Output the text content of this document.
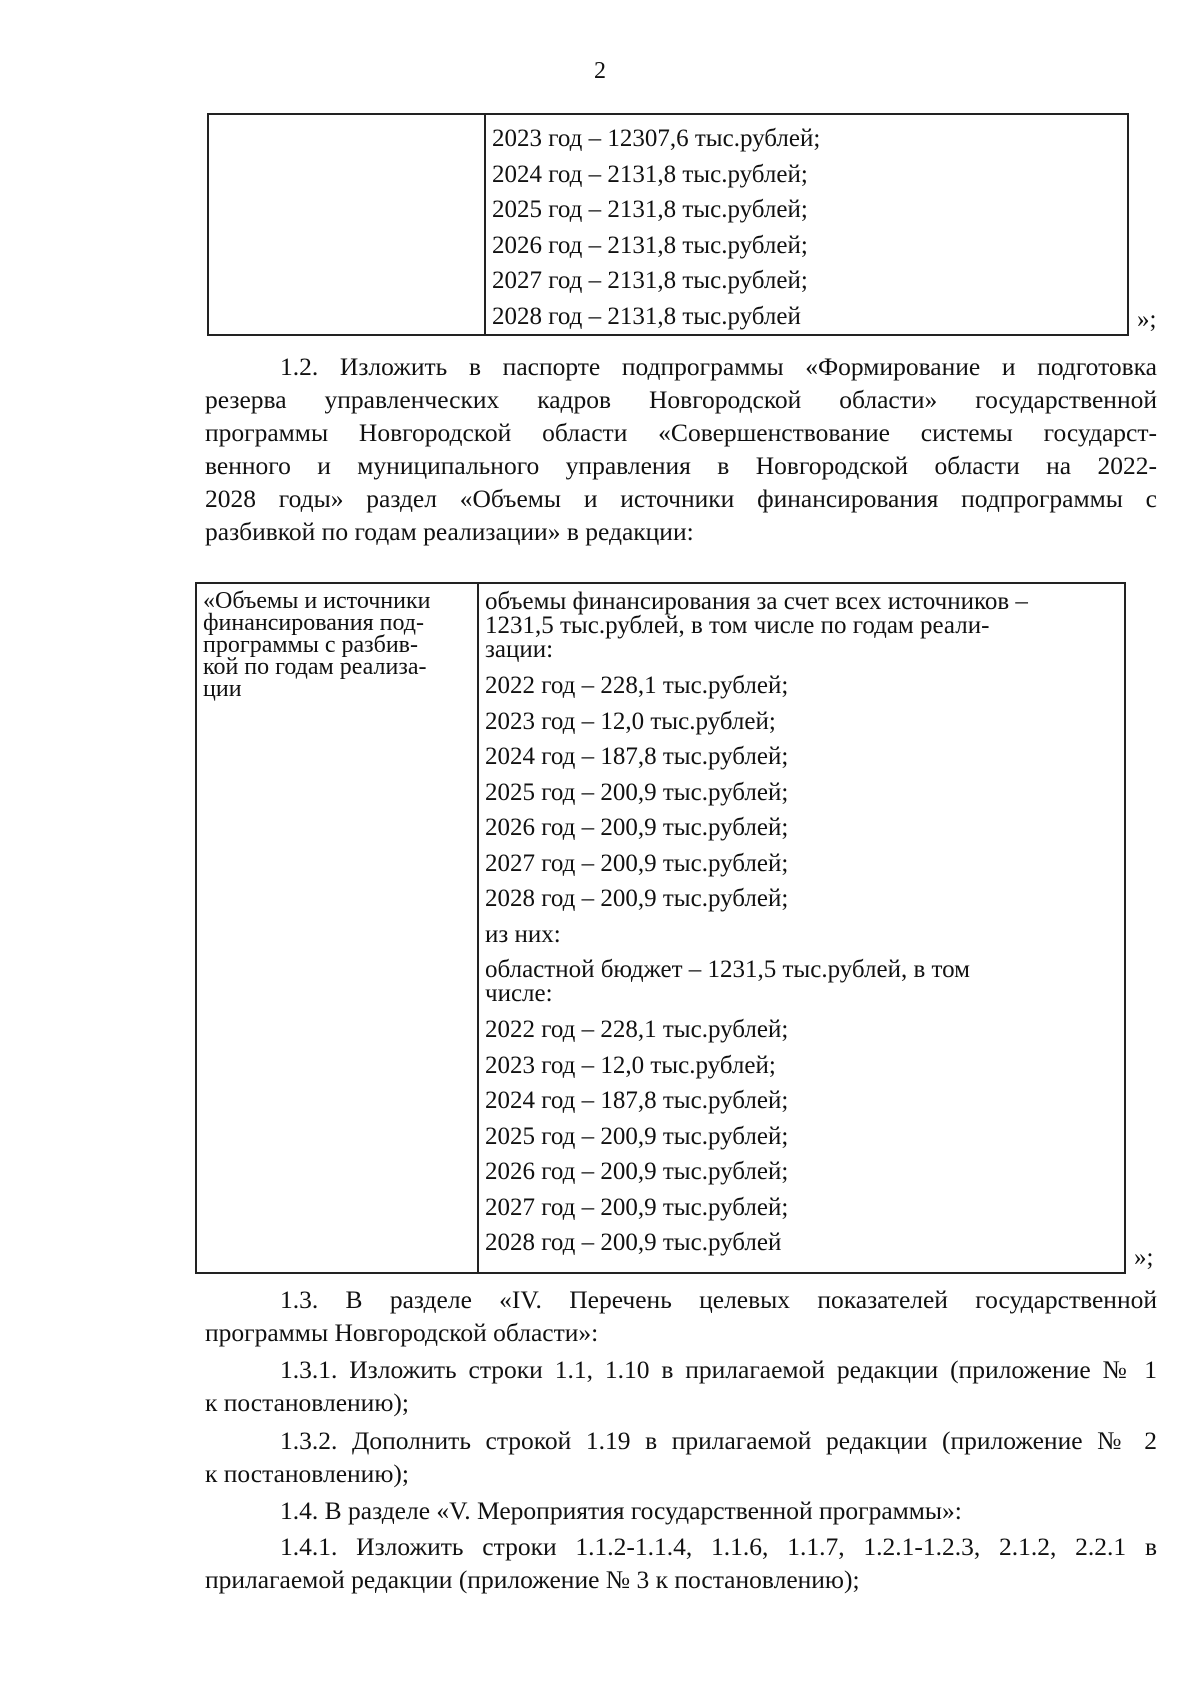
2

2023 год – 12307,6 тыс.рублей;
2024 год – 2131,8 тыс.рублей;
2025 год – 2131,8 тыс.рублей;
2026 год – 2131,8 тыс.рублей;
2027 год – 2131,8 тыс.рублей;
2028 год – 2131,8 тыс.рублей	»;
1.2. Изложить в паспорте подпрограммы «Формирование и подготовка
резерва управленческих кадров Новгородской области» государственной
программы Новгородской области «Совершенствование системы государст-
венного и муниципального управления в Новгородской области на 2022-
2028 годы» раздел «Объемы и источники финансирования подпрограммы с
разбивкой по годам реализации» в редакции:
«Объемы и источники
финансирования под-
программы с разбив-
кой по годам реализа-
ции

объемы финансирования за счет всех источников –
1231,5 тыс.рублей, в том числе по годам реали-
зации:
2022 год – 228,1 тыс.рублей;
2023 год – 12,0 тыс.рублей;
2024 год – 187,8 тыс.рублей;
2025 год – 200,9 тыс.рублей;
2026 год – 200,9 тыс.рублей;
2027 год – 200,9 тыс.рублей;
2028 год – 200,9 тыс.рублей;
из них:
областной бюджет – 1231,5 тыс.рублей, в том
числе:
2022 год – 228,1 тыс.рублей;
2023 год – 12,0 тыс.рублей;
2024 год – 187,8 тыс.рублей;
2025 год – 200,9 тыс.рублей;
2026 год – 200,9 тыс.рублей;
2027 год – 200,9 тыс.рублей;
2028 год – 200,9 тыс.рублей
»;
1.3. В разделе «IV. Перечень целевых показателей государственной
программы Новгородской области»:
1.3.1. Изложить строки 1.1, 1.10 в прилагаемой редакции (приложение № 1
к постановлению);
1.3.2. Дополнить строкой 1.19 в прилагаемой редакции (приложение № 2
к постановлению);
1.4. В разделе «V. Мероприятия государственной программы»:
1.4.1. Изложить строки 1.1.2-1.1.4, 1.1.6, 1.1.7, 1.2.1-1.2.3, 2.1.2, 2.2.1 в
прилагаемой редакции (приложение № 3 к постановлению);
